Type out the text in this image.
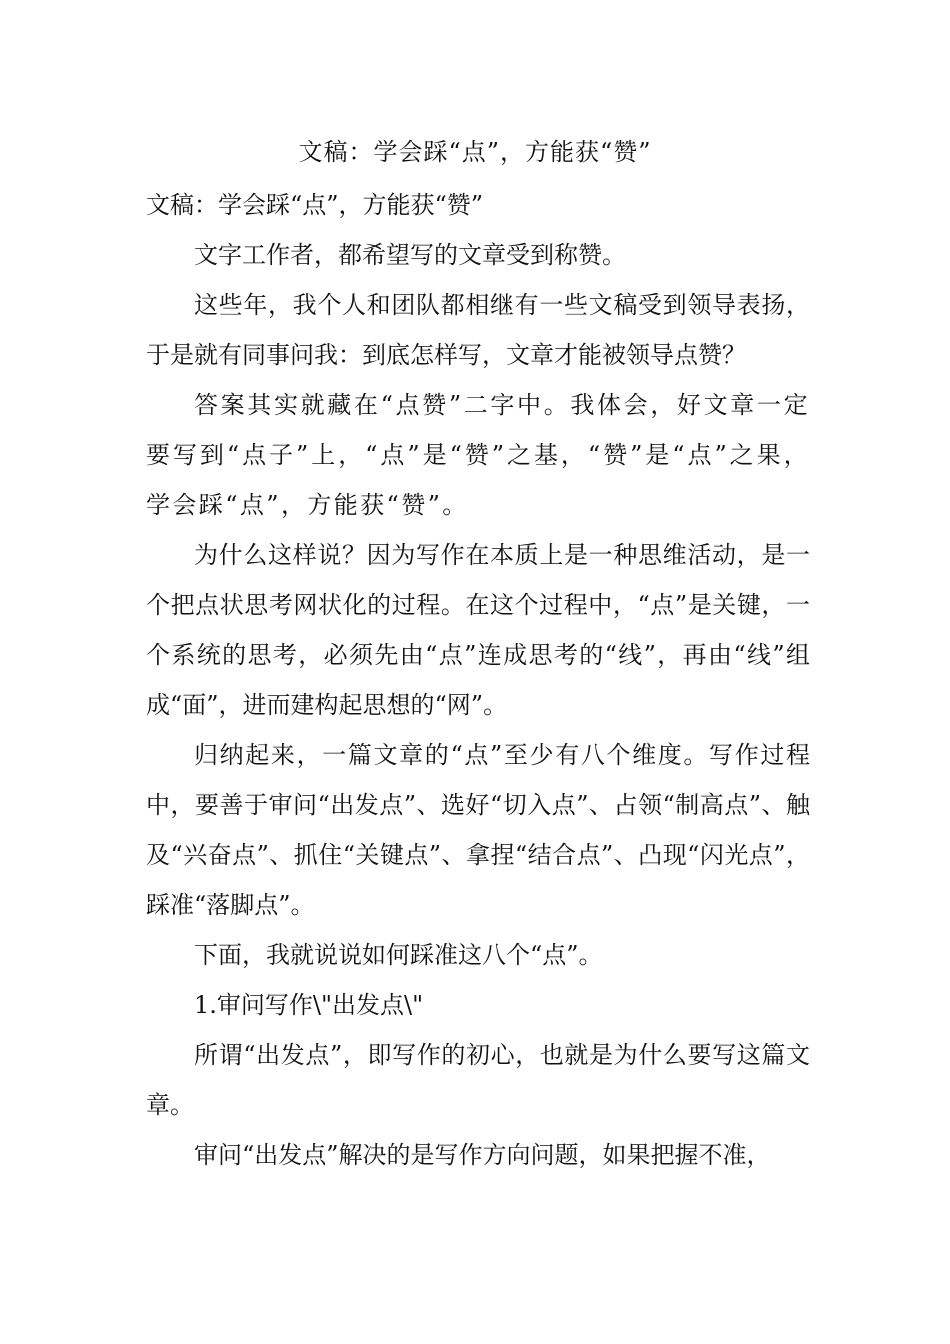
文稿：学会踩“点”，方能获“赞”

文稿：学会踩“点”，方能获“赞”

文字工作者，都希望写的文章受到称赞。

这些年，我个人和团队都相继有一些文稿受到领导表扬，于是就有同事问我：到底怎样写，文章才能被领导点赞？

答案其实就藏在“点赞”二字中。我体会，好文章一定要写到“点子”上，“点”是“赞”之基，“赞”是“点”之果，学会踩“点”，方能获“赞”。

为什么这样说？因为写作在本质上是一种思维活动，是一个把点状思考网状化的过程。在这个过程中，“点”是关键，一个系统的思考，必须先由“点”连成思考的“线”，再由“线”组成“面”，进而建构起思想的“网”。

归纳起来，一篇文章的“点”至少有八个维度。写作过程中，要善于审问“出发点”、选好“切入点”、占领“制高点”、触及“兴奋点”、抓住“关键点”、拿捏“结合点”、凸现“闪光点”，踩准“落脚点”。

下面，我就说说如何踩准这八个“点”。

1.审问写作\"出发点\"

所谓“出发点”，即写作的初心，也就是为什么要写这篇文章。

审问“出发点”解决的是写作方向问题，如果把握不准，
